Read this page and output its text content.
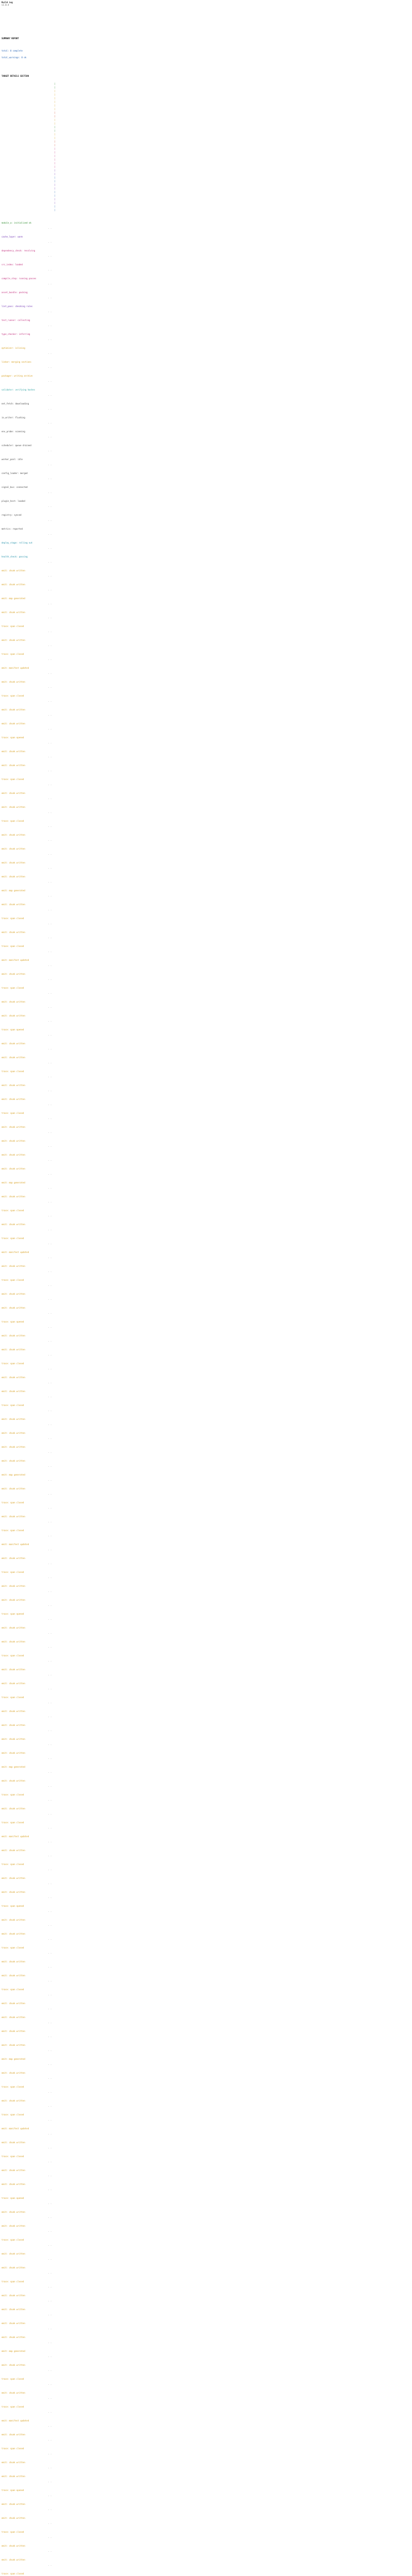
Build Log
v1.0.4
SUMMARY REPORT
TARGET DETAILS SECTION
total: 0 complete
total_warnings: 0 ok
|
|
|
|
|
|
|
|
|
|
|
|
|
|
|
|
|
|
|
|
|
|
|
|
|
|
|
|
|
|
|
|
|
|
|
|
module_a: initialized ok
. .
cache_layer: warm
. .
dependency_check: resolving
. .
src_index: loaded
. .
compile_step: running passes
. .
asset_bundle: packing
. .
lint_pass: checking rules
. .
test_runner: collecting
. .
type_checker: inferring
. .
optimizer: inlining
. .
linker: merging sections
. .
packager: writing archive
. .
validator: verifying hashes
. .
net_fetch: downloading
. .
io_writer: flushing
. .
env_probe: scanning
. .
scheduler: queue drained
. .
worker_pool: idle
. .
config_loader: merged
. .
signal_bus: connected
. .
plugin_host: loaded
. .
registry: synced
. .
metrics: reported
. .
deploy_stage: rolling out
. .
health_check: passing
. .
emit: chunk written
. .
emit: chunk written
. .
emit: map generated
. .
emit: chunk written
. .
trace: span closed
. .
emit: chunk written
. .
trace: span closed
. .
emit: manifest updated
. .
emit: chunk written
. .
trace: span closed
. .
emit: chunk written
. .
emit: chunk written
. .
trace: span opened
. .
emit: chunk written
. .
emit: chunk written
. .
trace: span closed
. .
emit: chunk written
. .
emit: chunk written
. .
trace: span closed
. .
emit: chunk written
. .
emit: chunk written
. .
emit: chunk written
. .
emit: chunk written
. .
emit: map generated
. .
emit: chunk written
. .
trace: span closed
. .
emit: chunk written
. .
trace: span closed
. .
emit: manifest updated
. .
emit: chunk written
. .
trace: span closed
. .
emit: chunk written
. .
emit: chunk written
. .
trace: span opened
. .
emit: chunk written
. .
emit: chunk written
. .
trace: span closed
. .
emit: chunk written
. .
emit: chunk written
. .
trace: span closed
. .
emit: chunk written
. .
emit: chunk written
. .
emit: chunk written
. .
emit: chunk written
. .
emit: map generated
. .
emit: chunk written
. .
trace: span closed
. .
emit: chunk written
. .
trace: span closed
. .
emit: manifest updated
. .
emit: chunk written
. .
trace: span closed
. .
emit: chunk written
. .
emit: chunk written
. .
trace: span opened
. .
emit: chunk written
. .
emit: chunk written
. .
trace: span closed
. .
emit: chunk written
. .
emit: chunk written
. .
trace: span closed
. .
emit: chunk written
. .
emit: chunk written
. .
emit: chunk written
. .
emit: chunk written
. .
emit: map generated
. .
emit: chunk written
. .
trace: span closed
. .
emit: chunk written
. .
trace: span closed
. .
emit: manifest updated
. .
emit: chunk written
. .
trace: span closed
. .
emit: chunk written
. .
emit: chunk written
. .
trace: span opened
. .
emit: chunk written
. .
emit: chunk written
. .
trace: span closed
. .
emit: chunk written
. .
emit: chunk written
. .
trace: span closed
. .
emit: chunk written
. .
emit: chunk written
. .
emit: chunk written
. .
emit: chunk written
. .
emit: map generated
. .
emit: chunk written
. .
trace: span closed
. .
emit: chunk written
. .
trace: span closed
. .
emit: manifest updated
. .
emit: chunk written
. .
trace: span closed
. .
emit: chunk written
. .
emit: chunk written
. .
trace: span opened
. .
emit: chunk written
. .
emit: chunk written
. .
trace: span closed
. .
emit: chunk written
. .
emit: chunk written
. .
trace: span closed
. .
emit: chunk written
. .
emit: chunk written
. .
emit: chunk written
. .
emit: chunk written
. .
emit: map generated
. .
emit: chunk written
. .
trace: span closed
. .
emit: chunk written
. .
trace: span closed
. .
emit: manifest updated
. .
emit: chunk written
. .
trace: span closed
. .
emit: chunk written
. .
emit: chunk written
. .
trace: span opened
. .
emit: chunk written
. .
emit: chunk written
. .
trace: span closed
. .
emit: chunk written
. .
emit: chunk written
. .
trace: span closed
. .
emit: chunk written
. .
emit: chunk written
. .
emit: chunk written
. .
emit: chunk written
. .
emit: map generated
. .
emit: chunk written
. .
trace: span closed
. .
emit: chunk written
. .
trace: span closed
. .
emit: manifest updated
. .
emit: chunk written
. .
trace: span closed
. .
emit: chunk written
. .
emit: chunk written
. .
trace: span opened
. .
emit: chunk written
. .
emit: chunk written
. .
trace: span closed
. .
emit: chunk written
. .
emit: chunk written
. .
trace: span closed
